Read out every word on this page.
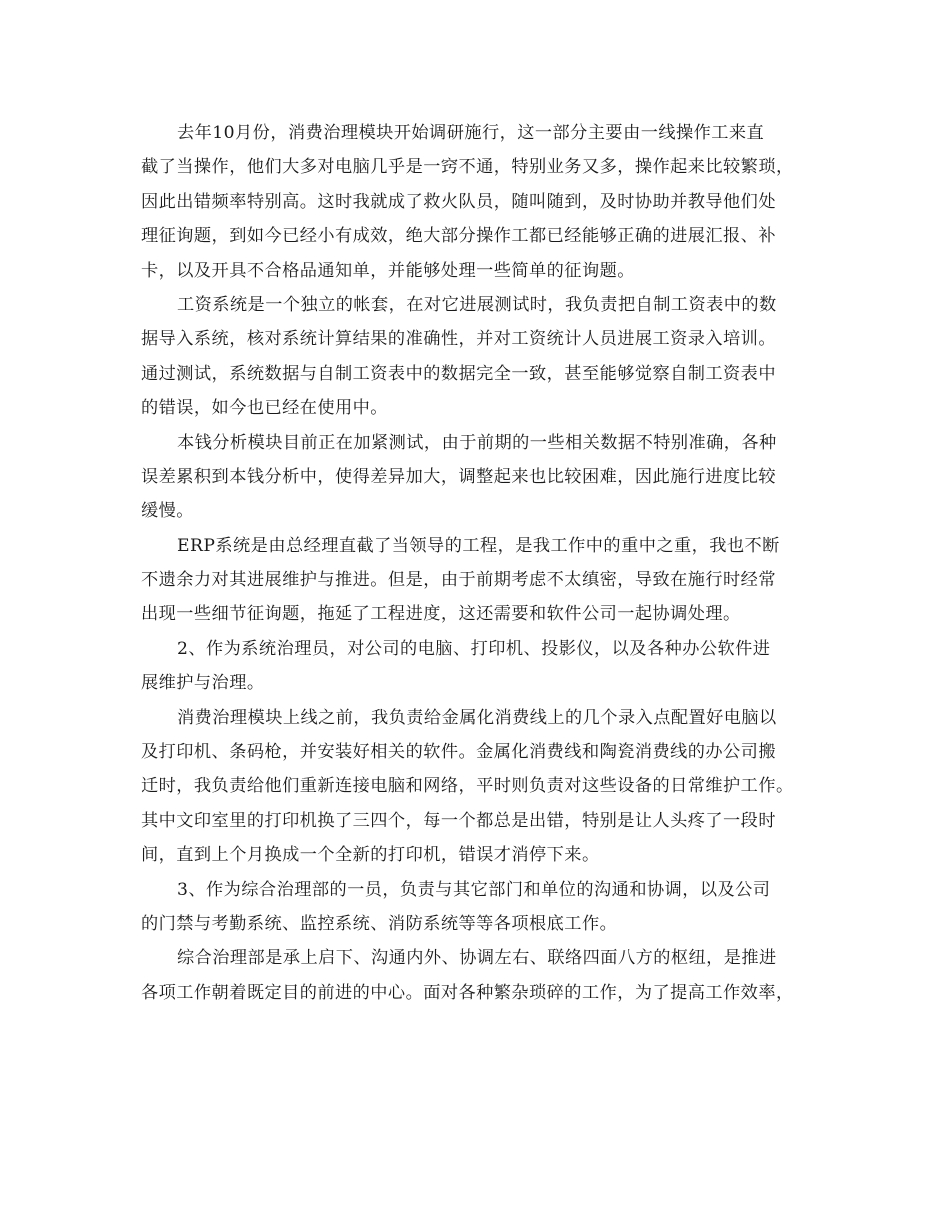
去年10月份，消费治理模块开始调研施行，这一部分主要由一线操作工来直
截了当操作，他们大多对电脑几乎是一窍不通，特别业务又多，操作起来比较繁琐，
因此出错频率特别高。这时我就成了救火队员，随叫随到，及时协助并教导他们处
理征询题，到如今已经小有成效，绝大部分操作工都已经能够正确的进展汇报、补
卡，以及开具不合格品通知单，并能够处理一些简单的征询题。
工资系统是一个独立的帐套，在对它进展测试时，我负责把自制工资表中的数
据导入系统，核对系统计算结果的准确性，并对工资统计人员进展工资录入培训。
通过测试，系统数据与自制工资表中的数据完全一致，甚至能够觉察自制工资表中
的错误，如今也已经在使用中。
本钱分析模块目前正在加紧测试，由于前期的一些相关数据不特别准确，各种
误差累积到本钱分析中，使得差异加大，调整起来也比较困难，因此施行进度比较
缓慢。
ERP系统是由总经理直截了当领导的工程，是我工作中的重中之重，我也不断
不遗余力对其进展维护与推进。但是，由于前期考虑不太缜密，导致在施行时经常
出现一些细节征询题，拖延了工程进度，这还需要和软件公司一起协调处理。
2、作为系统治理员，对公司的电脑、打印机、投影仪，以及各种办公软件进
展维护与治理。
消费治理模块上线之前，我负责给金属化消费线上的几个录入点配置好电脑以
及打印机、条码枪，并安装好相关的软件。金属化消费线和陶瓷消费线的办公司搬
迁时，我负责给他们重新连接电脑和网络，平时则负责对这些设备的日常维护工作。
其中文印室里的打印机换了三四个，每一个都总是出错，特别是让人头疼了一段时
间，直到上个月换成一个全新的打印机，错误才消停下来。
3、作为综合治理部的一员，负责与其它部门和单位的沟通和协调，以及公司
的门禁与考勤系统、监控系统、消防系统等等各项根底工作。
综合治理部是承上启下、沟通内外、协调左右、联络四面八方的枢纽，是推进
各项工作朝着既定目的前进的中心。面对各种繁杂琐碎的工作，为了提高工作效率，
